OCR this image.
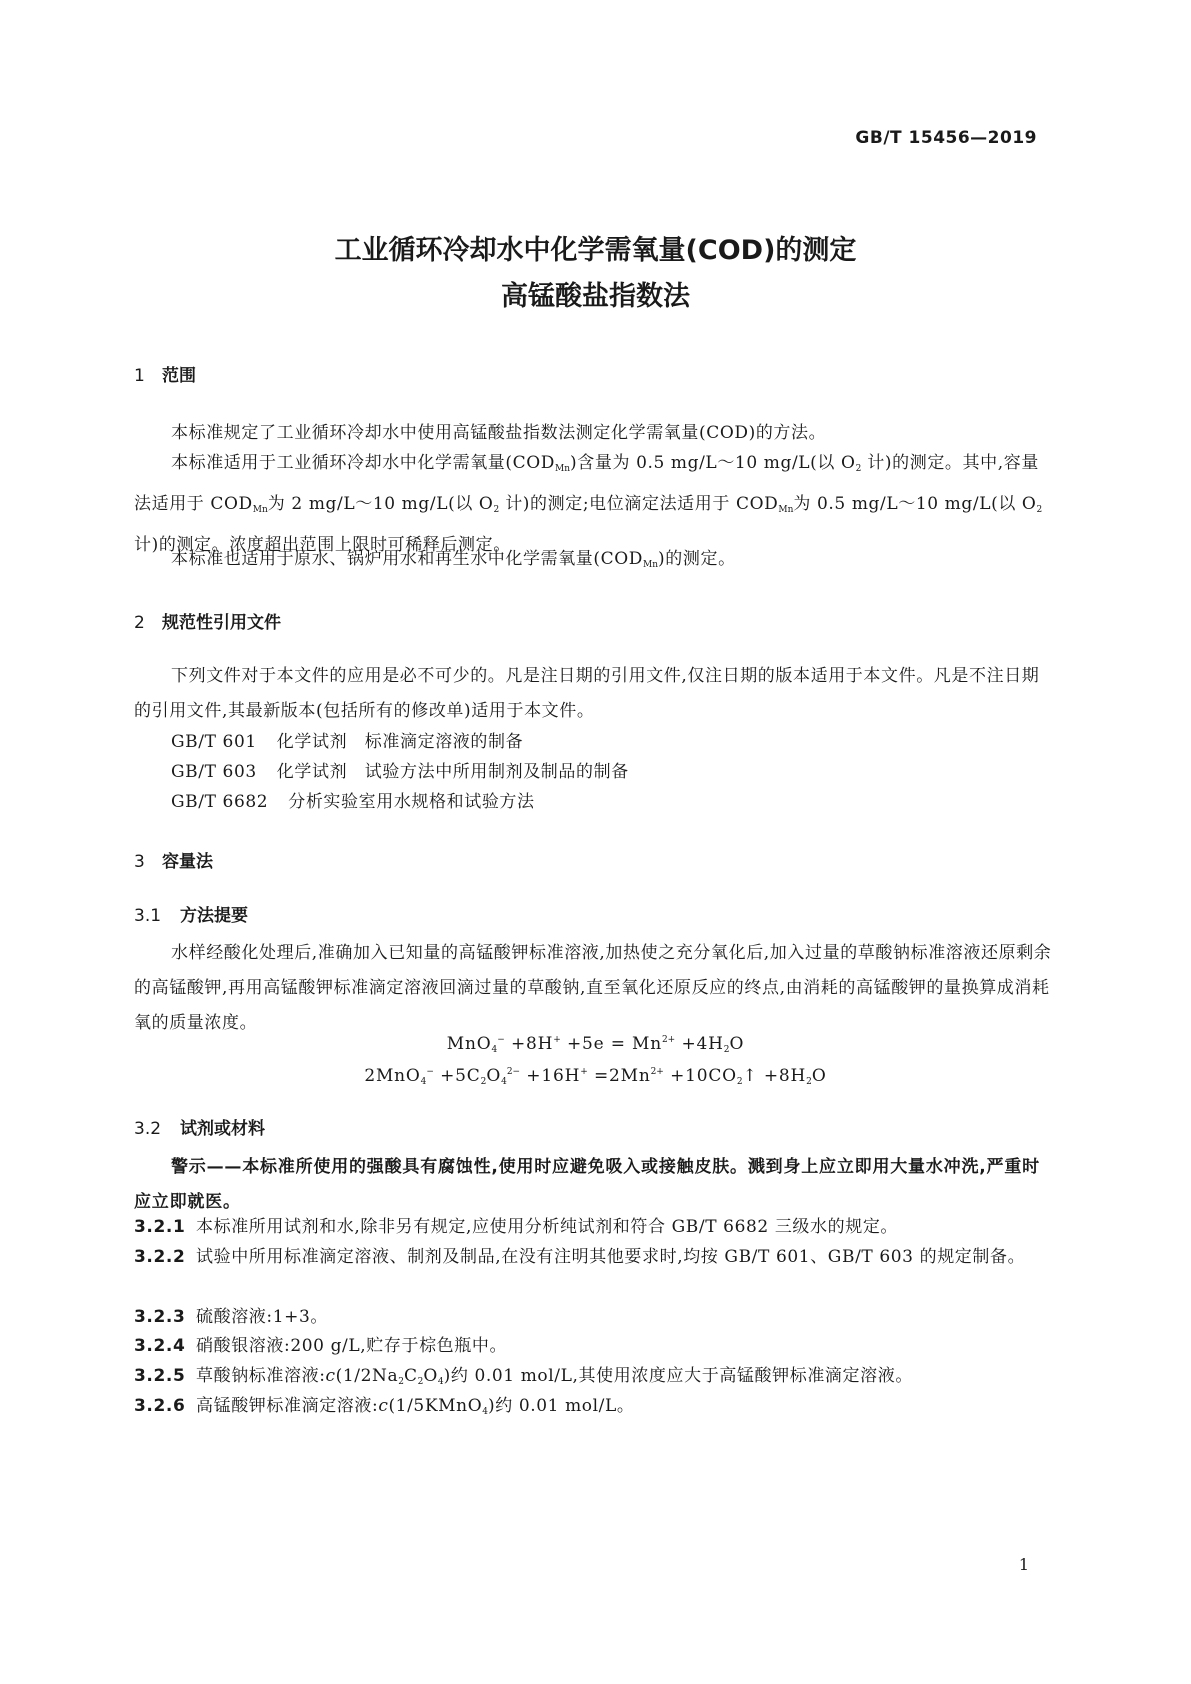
GB/T 15456—2019
工业循环冷却水中化学需氧量(COD)的测定
高锰酸盐指数法
1 范围

本标准规定了工业循环冷却水中使用高锰酸盐指数法测定化学需氧量(COD)的方法。

本标准适用于工业循环冷却水中化学需氧量$(COD_{Mn})$含量为 0.5 mg/L～10 mg/L(以 $O_2$ 计)的测定。其中,容量法适用于 $COD_{Mn}$为 2 mg/L～10 mg/L(以 $O_2$ 计)的测定;电位滴定法适用于 $COD_{Mn}$为 0.5 mg/L～10 mg/L(以 $O_2$ 计)的测定。浓度超出范围上限时可稀释后测定。

本标准也适用于原水、锅炉用水和再生水中化学需氧量$(COD_{Mn})$的测定。

2 规范性引用文件

下列文件对于本文件的应用是必不可少的。凡是注日期的引用文件,仅注日期的版本适用于本文件。凡是不注日期的引用文件,其最新版本(包括所有的修改单)适用于本文件。

GB/T 601 化学试剂　标准滴定溶液的制备
GB/T 603 化学试剂　试验方法中所用制剂及制品的制备
GB/T 6682 分析实验室用水规格和试验方法
3 容量法
3.1 方法提要

水样经酸化处理后,准确加入已知量的高锰酸钾标准溶液,加热使之充分氧化后,加入过量的草酸钠标准溶液还原剩余的高锰酸钾,再用高锰酸钾标准滴定溶液回滴过量的草酸钠,直至氧化还原反应的终点,由消耗的高锰酸钾的量换算成消耗氧的质量浓度。

$MnO_4^- +8H^+ +5e = Mn^{2+} +4H_2O$
$2MnO_4^- +5C_2O_4^{2-} +16H^+ =2Mn^{2+}$ $+10CO_2↑ +8H_2O$
3.2 试剂或材料

警示——本标准所使用的强酸具有腐蚀性,使用时应避免吸入或接触皮肤。溅到身上应立即用大量水冲洗,严重时应立即就医。

3.2.1 本标准所用试剂和水,除非另有规定,应使用分析纯试剂和符合 GB/T 6682 三级水的规定。

3.2.2 试验中所用标准滴定溶液、制剂及制品,在没有注明其他要求时,均按 GB/T 601、GB/T 603 的规定制备。

3.2.3 硫酸溶液:1+3。

3.2.4 硝酸银溶液:200 g/L,贮存于棕色瓶中。

3.2.5 草酸钠标准溶液$:c(1/2Na_2C_2O_4)$约 0.01 mol/L,其使用浓度应大于高锰酸钾标准滴定溶液。

3.2.6 高锰酸钾标准滴定溶液:c(1/5KMnO$_4$)约 0.01 mol/L。

1
